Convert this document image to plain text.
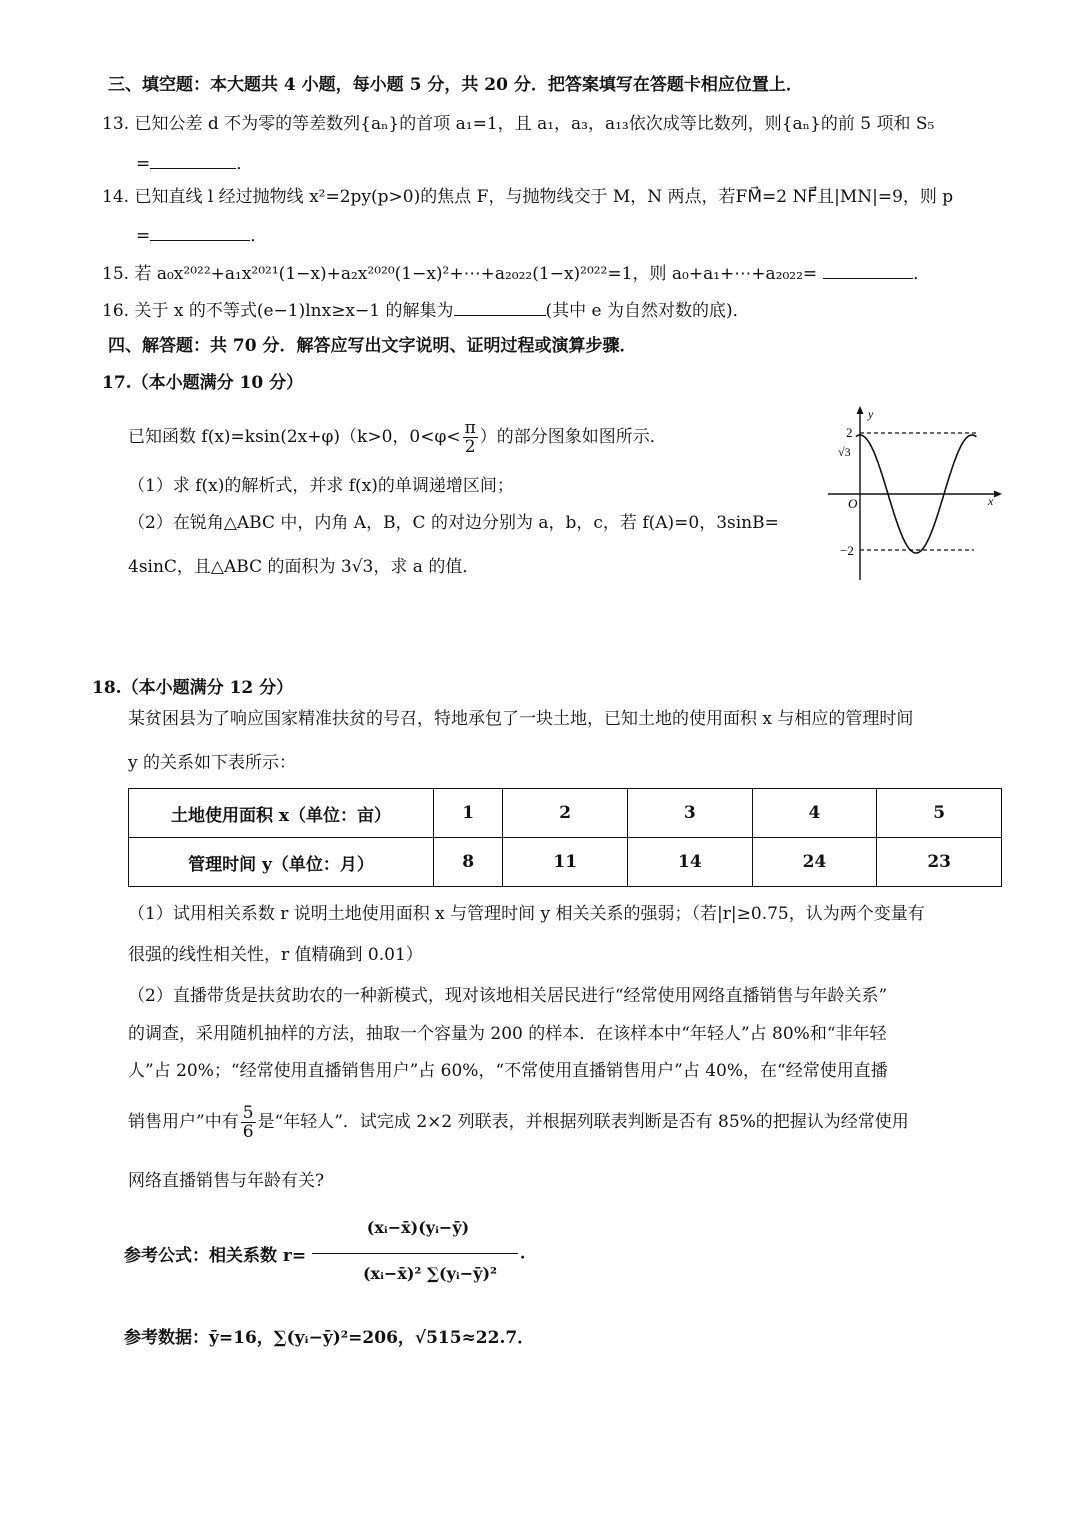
三、填空题：本大题共 4 小题，每小题 5 分，共 20 分．把答案填写在答题卡相应位置上．
13. 已知公差 d 不为零的等差数列{aₙ}的首项 a₁=1，且 a₁，a₃，a₁₃依次成等比数列，则{aₙ}的前 5 项和 S₅
=	．
14. 已知直线 l 经过抛物线 x²=2py(p>0)的焦点 F，与抛物线交于 M，N 两点，若FM⃗=2 NF⃗且|MN|=9，则 p
=	．
15. 若 a₀x²⁰²²+a₁x²⁰²¹(1−x)+a₂x²⁰²⁰(1−x)²+⋯+a₂₀₂₂(1−x)²⁰²²=1，则 a₀+a₁+⋯+a₂₀₂₂=	．
16. 关于 x 的不等式(e−1)lnx≥x−1 的解集为	(其中 e 为自然对数的底)．
四、解答题：共 70 分．解答应写出文字说明、证明过程或演算步骤．
17.（本小题满分 10 分）
已知函数 f(x)=ksin(2x+φ)（k>0，$0<\varphi< \frac{\pi}{2}$ ）的部分图象如图所示．
（1）求 f(x)的解析式，并求 f(x)的单调递增区间；
（2）在锐角△ABC 中，内角 A，B，C 的对边分别为 a，b，c，若 f(A)=0，3sinB=
4sinC，且△ABC 的面积为 3√3，求 a 的值．
y
x
O
2
√3
−2
18.（本小题满分 12 分）
某贫困县为了响应国家精准扶贫的号召，特地承包了一块土地，已知土地的使用面积 x 与相应的管理时间
y 的关系如下表所示：
土地使用面积 x（单位：亩）	1	2	3	4	5
管理时间 y（单位：月）	8	11	14	24	23
（1）试用相关系数 r 说明土地使用面积 x 与管理时间 y 相关关系的强弱；（若|r|≥0.75，认为两个变量有
很强的线性相关性，r 值精确到 0.01）
（2）直播带货是扶贫助农的一种新模式，现对该地相关居民进行“经常使用网络直播销售与年龄关系”
的调查，采用随机抽样的方法，抽取一个容量为 200 的样本．在该样本中“年轻人”占 80%和“非年轻
人”占 20%；“经常使用直播销售用户”占 60%，“不常使用直播销售用户”占 40%，在“经常使用直播
销售用户”中有 $\frac{5}{6}$ 是“年轻人”．试完成 2×2 列联表，并根据列联表判断是否有 85%的把握认为经常使用
网络直播销售与年龄有关?
参考公式：相关系数 r=
(xᵢ−x̄)(yᵢ−ȳ)
(xᵢ−x̄)² ∑(yᵢ−ȳ)²
．
参考数据：ȳ=16，∑(yᵢ−ȳ)²=206，√515≈22.7．
